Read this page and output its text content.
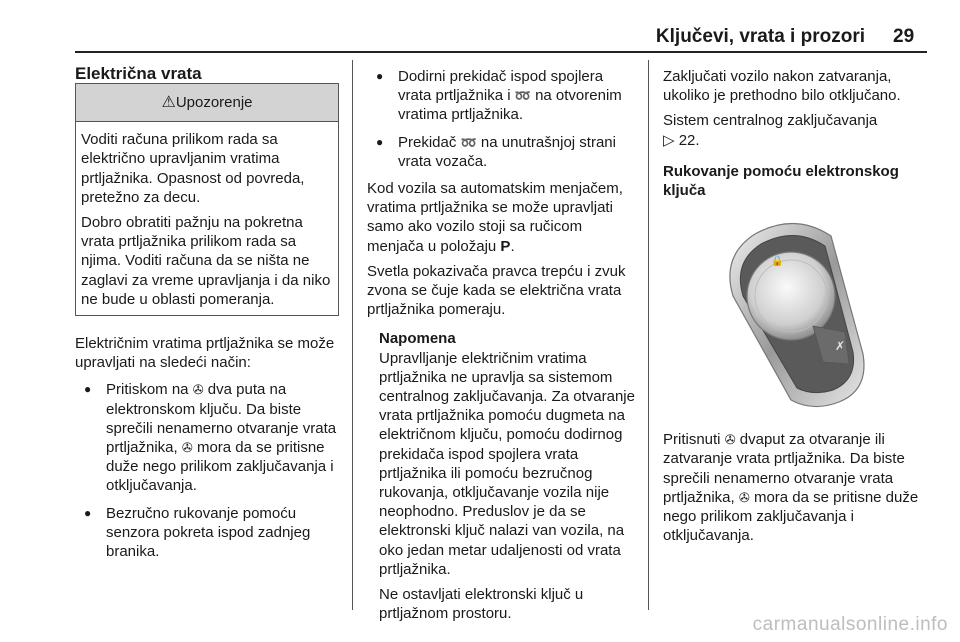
Ključevi, vrata i prozori 29

Električna vrata

⚠Upozorenje

Voditi računa prilikom rada sa električno upravljanim vratima prtljažnika. Opasnost od povreda, pretežno za decu.

Dobro obratiti pažnju na pokretna vrata prtljažnika prilikom rada sa njima. Voditi računa da se ništa ne zaglavi za vreme upravljanja i da niko ne bude u oblasti pomeranja.

Električnim vratima prtljažnika se može upravljati na sledeći način:

● Pritiskom na ✇ dva puta na elektronskom ključu. Da biste sprečili nenamerno otvaranje vrata prtljažnika, ✇ mora da se pritisne duže nego prilikom zaključavanja i otključavanja.
● Bezručno rukovanje pomoću senzora pokreta ispod zadnjeg branika.
● Dodirni prekidač ispod spojlera vrata prtljažnika i ➿ na otvorenim vratima prtljažnika.
● Prekidač ➿ na unutrašnjoj strani vrata vozača.

Kod vozila sa automatskim menjačem, vratima prtljažnika se može upravljati samo ako vozilo stoji sa ručicom menjača u položaju P.

Svetla pokazivača pravca trepću i zvuk zvona se čuje kada se električna vrata prtljažnika pomeraju.

Napomena

Upravlljanje električnim vratima prtljažnika ne upravlja sa sistemom centralnog zaključavanja. Za otvaranje vrata prtljažnika pomoću dugmeta na električnom ključu, pomoću dodirnog prekidača ispod spojlera vrata prtljažnika ili pomoću bezručnog rukovanja, otključavanje vozila nije neophodno. Preduslov je da se elektronski ključ nalazi van vozila, na oko jedan metar udaljenosti od vrata prtljažnika.

Ne ostavljati elektronski ključ u prtljažnom prostoru.

Zaključati vozilo nakon zatvaranja, ukoliko je prethodno bilo otključano.

Sistem centralnog zaključavanja
▷ 22.

Rukovanje pomoću elektronskog ključa

🔒
✗

Pritisnuti ✇ dvaput za otvaranje ili zatvaranje vrata prtljažnika. Da biste sprečili nenamerno otvaranje vrata prtljažnika, ✇ mora da se pritisne duže nego prilikom zaključavanja i otključavanja.

carmanualsonline.info
